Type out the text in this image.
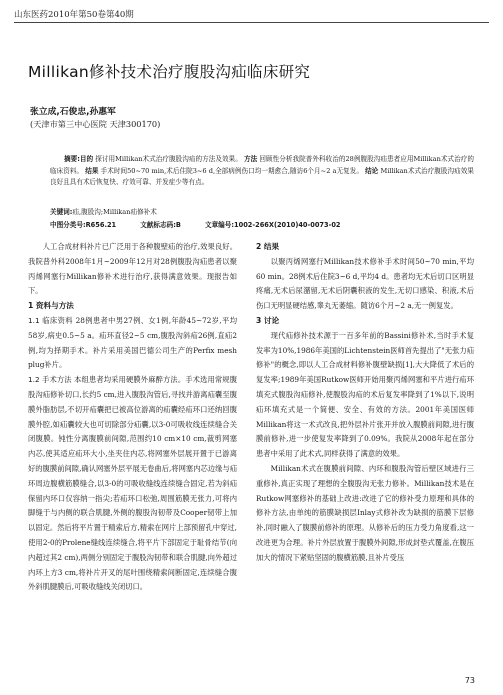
山东医药2010年第50卷第40期
Millikan修补技术治疗腹股沟疝临床研究
张立成,石俊忠,孙惠军
(天津市第三中心医院 天津300170)

摘要:目的 探讨用Millikan术式治疗腹股沟疝的方法及效果。 方法 回顾性分析我院普外科收治的28例腹股沟疝患者应用Millikan术式治疗的临床资料。 结果 手术时间50~70 min,术后住院3~6 d,全部病例伤口均一期愈合,随访6个月~2 a无复发。 结论 Millikan术式治疗腹股沟疝效果良好且具有术后恢复快、疗效可靠、并发症少等有点。

关键词:疝,腹股沟;Millikan疝修补术
中图分类号:R656.21	文献标志码:B	文章编号:1002-266X(2010)40-0073-02

人工合成材料补片已广泛用于各种腹壁疝的治疗,效果良好。我院普外科2008年1月~2009年12月对28例腹股沟疝患者以聚丙烯网塞行Millikan修补术进行治疗,获得满意效果。现报告如下。

1 资料与方法

1.1 临床资料 28例患者中男27例、女1例,年龄45~72岁,平均58岁,病史0.5~5 a。疝环直径2~5 cm,腹股沟斜疝26例,直疝2例,均为择期手术。补片采用美国巴德公司生产的Perfix mesh plug补片。

1.2 手术方法 本组患者均采用硬膜外麻醉方法。手术选用常规腹股沟疝修补切口,长约5 cm,进入腹股沟管后,寻找并游离疝囊至腹膜外脂肪层,不切开疝囊把已被高位游离的疝囊经疝环口还纳回腹膜外腔,如疝囊较大也可切除部分疝囊,以3-0可吸收线连续缝合关闭腹膜。钝性分离腹膜前间隙,范围约10 cm×10 cm,裁剪网塞内芯,使其适应疝环大小,坐夹住内芯,将网塞外层展开置于已游离好的腹膜前间隙,确认网塞外层平展无卷曲后,将网塞内芯边缘与疝环周边腹横筋膜缝合,以3-0的可吸收缝线连续缝合固定,若为斜疝保留内环口仅容纳一指尖;若疝环口松弛,周围筋膜无张力,可将内脚缝于与内侧的联合肌腱,外侧的腹股沟韧带及Cooper韧带上加以固定。然后将平片置于精索后方,精索在网片上部预留孔中穿过,使用2-0的Prolene缝线连续缝合,将平片下部固定于耻骨结节(向内超过其2 cm),两侧分别固定于腹股沟韧带和联合肌腱,向外超过内环上方3 cm,将补片开叉的尾叶围绕精索间断固定,连续缝合腹外斜肌腱膜后,可吸收缝线关闭切口。

2 结果

以聚丙烯网塞行Millikan技术修补手术时间50~70 min,平均60 min。28例术后住院3~6 d,平均4 d。患者均无术后切口区明显疼痛,无术后尿潴留,无术后阴囊积液的发生,无切口感染、积液,术后伤口无明显硬结感,睾丸无萎缩。随访6个月~2 a,无一例复发。

3 讨论

现代疝修补技术源于一百多年前的Bassini修补术,当时手术复发率为10%,1986年美国的Lichtenstein医师首先提出了"无张力疝修补"的概念,即以人工合成材料修补腹壁缺损[1],大大降低了术后的复发率;1989年美国Rutkow医师开始用聚丙烯网塞和平片进行疝环填充式腹股沟疝修补,使腹股沟疝的术后复发率降到了1%以下,说明疝环填充式是一个简便、安全、有效的方法。2001年美国医师Millikan将这一术式改良,把外层补片张开并放入腹膜前间隙,进行腹膜前修补,进一步使复发率降到了0.09%。我院从2008年起在部分患者中采用了此术式,同样获得了满意的效果。

Millikan术式在腹膜前间隙、内环和腹股沟管后壁区域进行三重修补,真正实现了理想的全腹股沟无张力修补。Millikan技术是在Rutkow网塞修补的基础上改进:改进了它的修补受力原理和具体的修补方法,由单纯的筋膜缺损层Inlay式修补改为缺损的筋膜下层修补,同时融入了腹膜前修补的原理。从修补后的压力受力角度看,这一改进更为合理。补片外层放置于腹膜外间隙,形成封垫式覆盖,在腹压加大的情况下紧贴坚固的腹横筋膜,且补片受压

73
